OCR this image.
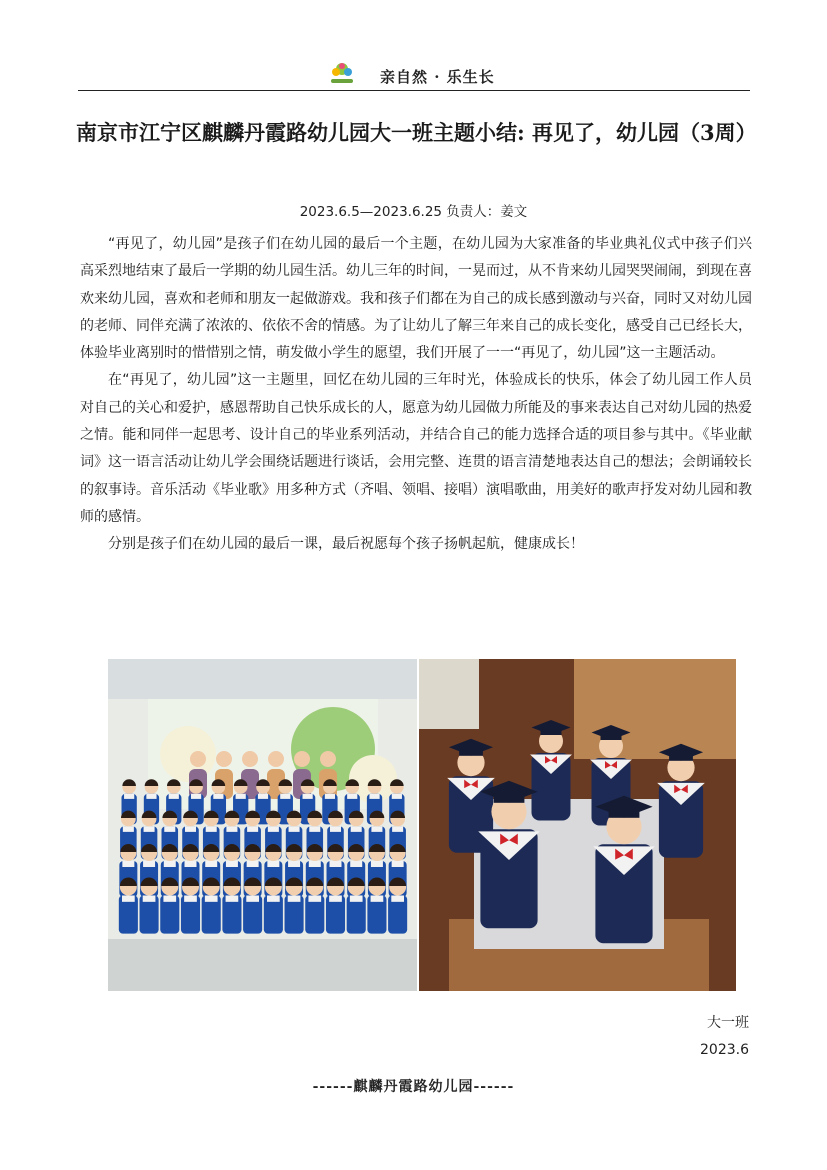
亲自然 · 乐生长
南京市江宁区麒麟丹霞路幼儿园大一班主题小结: 再见了，幼儿园（3周）
2023.6.5—2023.6.25 负责人：姜文

“再见了，幼儿园”是孩子们在幼儿园的最后一个主题，在幼儿园为大家准备的毕业典礼仪式中孩子们兴高采烈地结束了最后一学期的幼儿园生活。幼儿三年的时间，一晃而过，从不肯来幼儿园哭哭闹闹，到现在喜欢来幼儿园，喜欢和老师和朋友一起做游戏。我和孩子们都在为自己的成长感到激动与兴奋，同时又对幼儿园的老师、同伴充满了浓浓的、依依不舍的情感。为了让幼儿了解三年来自己的成长变化，感受自己已经长大，体验毕业离别时的惜惜别之情，萌发做小学生的愿望，我们开展了一一“再见了，幼儿园”这一主题活动。

在“再见了，幼儿园”这一主题里，回忆在幼儿园的三年时光，体验成长的快乐，体会了幼儿园工作人员对自己的关心和爱护，感恩帮助自己快乐成长的人，愿意为幼儿园做力所能及的事来表达自己对幼儿园的热爱之情。能和同伴一起思考、设计自己的毕业系列活动，并结合自己的能力选择合适的项目参与其中。《毕业献词》这一语言活动让幼儿学会围绕话题进行谈话，会用完整、连贯的语言清楚地表达自己的想法；会朗诵较长的叙事诗。音乐活动《毕业歌》用多种方式（齐唱、领唱、接唱）演唱歌曲，用美好的歌声抒发对幼儿园和教师的感情。

分别是孩子们在幼儿园的最后一课，最后祝愿每个孩子扬帆起航，健康成长！

大一班
2023.6
------麒麟丹霞路幼儿园------
